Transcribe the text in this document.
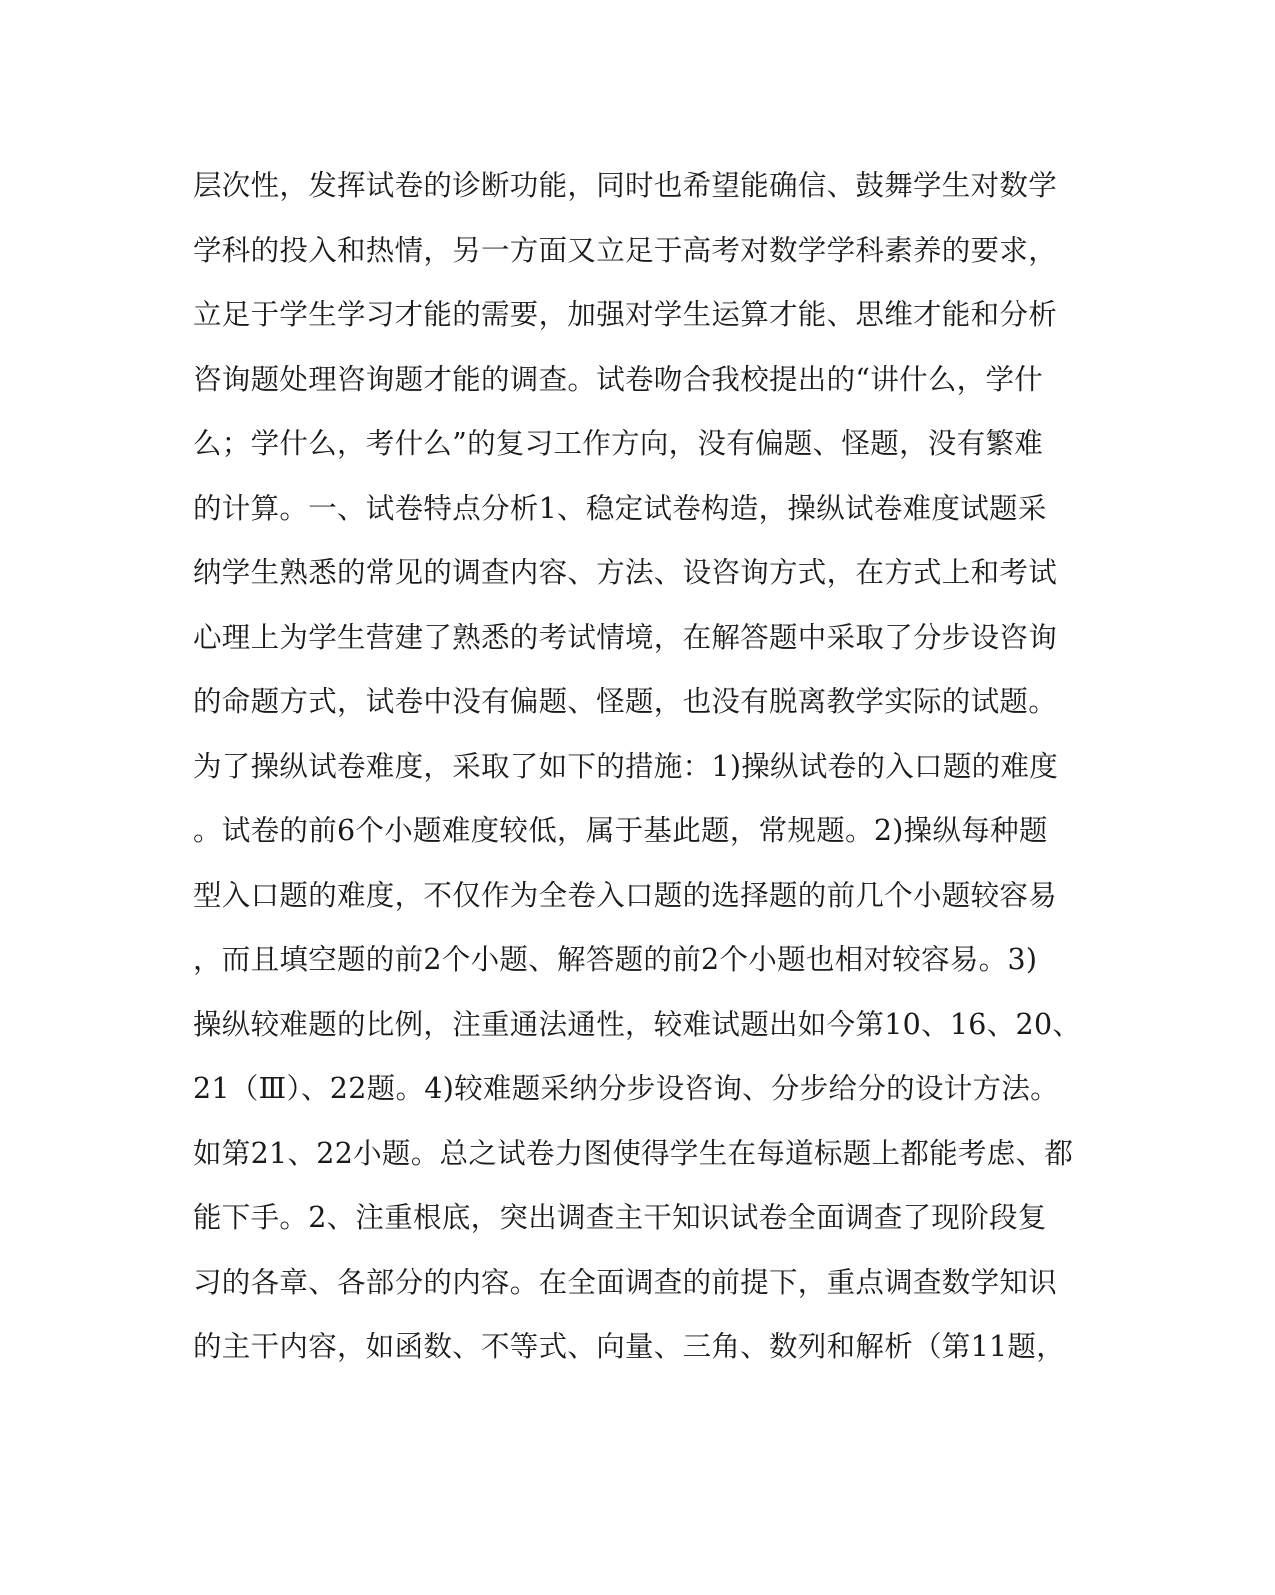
层次性，发挥试卷的诊断功能，同时也希望能确信、鼓舞学生对数学
学科的投入和热情，另一方面又立足于高考对数学学科素养的要求，
立足于学生学习才能的需要，加强对学生运算才能、思维才能和分析
咨询题处理咨询题才能的调查。试卷吻合我校提出的“讲什么，学什
么；学什么，考什么”的复习工作方向，没有偏题、怪题，没有繁难
的计算。一、试卷特点分析1、稳定试卷构造，操纵试卷难度试题采
纳学生熟悉的常见的调查内容、方法、设咨询方式，在方式上和考试
心理上为学生营建了熟悉的考试情境，在解答题中采取了分步设咨询
的命题方式，试卷中没有偏题、怪题，也没有脱离教学实际的试题。
为了操纵试卷难度，采取了如下的措施：1)操纵试卷的入口题的难度
。试卷的前6个小题难度较低，属于基此题，常规题。2)操纵每种题
型入口题的难度，不仅作为全卷入口题的选择题的前几个小题较容易
，而且填空题的前2个小题、解答题的前2个小题也相对较容易。3)
操纵较难题的比例，注重通法通性，较难试题出如今第10、16、20、
21（Ⅲ）、22题。4)较难题采纳分步设咨询、分步给分的设计方法。
如第21、22小题。总之试卷力图使得学生在每道标题上都能考虑、都
能下手。2、注重根底，突出调查主干知识试卷全面调查了现阶段复
习的各章、各部分的内容。在全面调查的前提下，重点调查数学知识
的主干内容，如函数、不等式、向量、三角、数列和解析（第11题，
